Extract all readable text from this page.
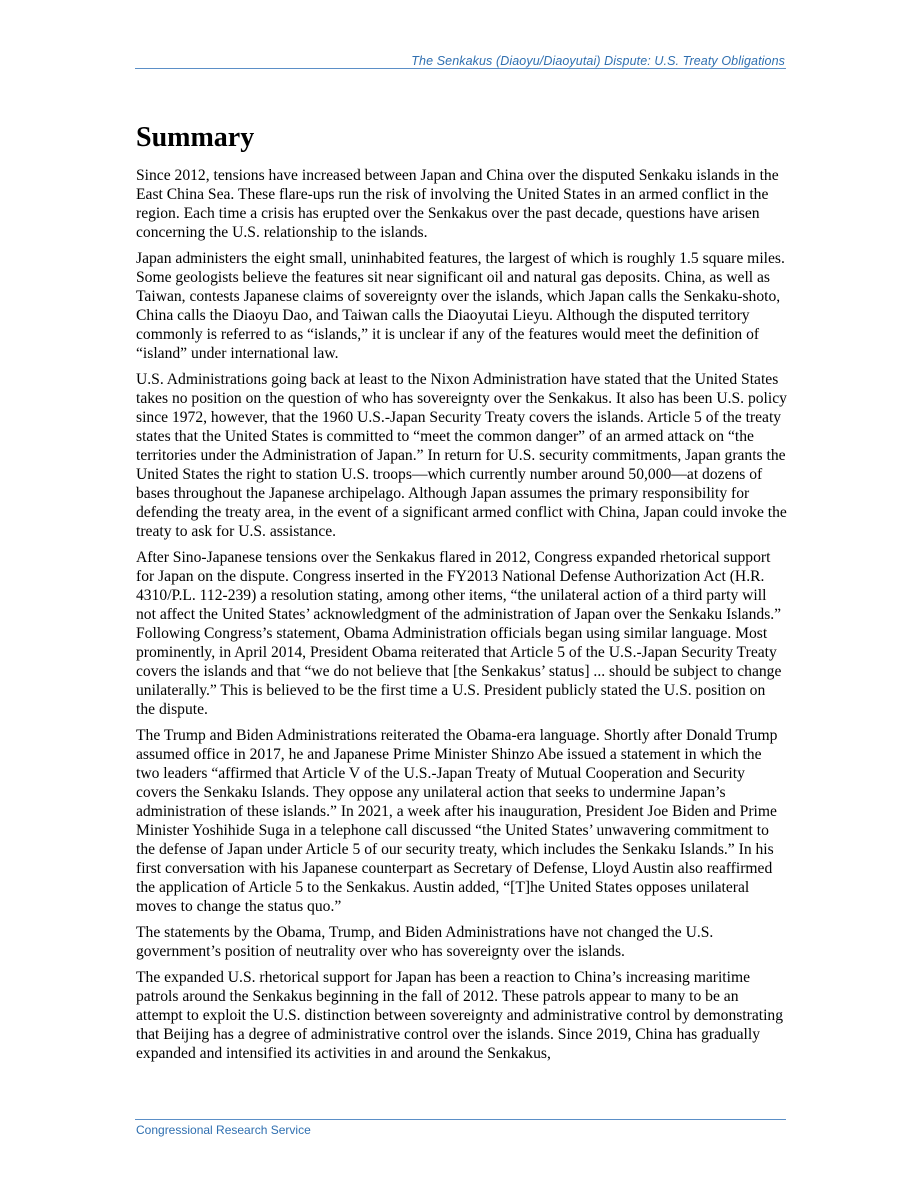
The Senkakus (Diaoyu/Diaoyutai) Dispute: U.S. Treaty Obligations
Summary

Since 2012, tensions have increased between Japan and China over the disputed Senkaku islands in the East China Sea. These flare-ups run the risk of involving the United States in an armed conflict in the region. Each time a crisis has erupted over the Senkakus over the past decade, questions have arisen concerning the U.S. relationship to the islands.

Japan administers the eight small, uninhabited features, the largest of which is roughly 1.5 square miles. Some geologists believe the features sit near significant oil and natural gas deposits. China, as well as Taiwan, contests Japanese claims of sovereignty over the islands, which Japan calls the Senkaku-shoto, China calls the Diaoyu Dao, and Taiwan calls the Diaoyutai Lieyu. Although the disputed territory commonly is referred to as “islands,” it is unclear if any of the features would meet the definition of “island” under international law.

U.S. Administrations going back at least to the Nixon Administration have stated that the United States takes no position on the question of who has sovereignty over the Senkakus. It also has been U.S. policy since 1972, however, that the 1960 U.S.-Japan Security Treaty covers the islands. Article 5 of the treaty states that the United States is committed to “meet the common danger” of an armed attack on “the territories under the Administration of Japan.” In return for U.S. security commitments, Japan grants the United States the right to station U.S. troops—which currently number around 50,000—at dozens of bases throughout the Japanese archipelago. Although Japan assumes the primary responsibility for defending the treaty area, in the event of a significant armed conflict with China, Japan could invoke the treaty to ask for U.S. assistance.

After Sino-Japanese tensions over the Senkakus flared in 2012, Congress expanded rhetorical support for Japan on the dispute. Congress inserted in the FY2013 National Defense Authorization Act (H.R. 4310/P.L. 112-239) a resolution stating, among other items, “the unilateral action of a third party will not affect the United States’ acknowledgment of the administration of Japan over the Senkaku Islands.” Following Congress’s statement, Obama Administration officials began using similar language. Most prominently, in April 2014, President Obama reiterated that Article 5 of the U.S.-Japan Security Treaty covers the islands and that “we do not believe that [the Senkakus’ status] ... should be subject to change unilaterally.” This is believed to be the first time a U.S. President publicly stated the U.S. position on the dispute.

The Trump and Biden Administrations reiterated the Obama-era language. Shortly after Donald Trump assumed office in 2017, he and Japanese Prime Minister Shinzo Abe issued a statement in which the two leaders “affirmed that Article V of the U.S.-Japan Treaty of Mutual Cooperation and Security covers the Senkaku Islands. They oppose any unilateral action that seeks to undermine Japan’s administration of these islands.” In 2021, a week after his inauguration, President Joe Biden and Prime Minister Yoshihide Suga in a telephone call discussed “the United States’ unwavering commitment to the defense of Japan under Article 5 of our security treaty, which includes the Senkaku Islands.” In his first conversation with his Japanese counterpart as Secretary of Defense, Lloyd Austin also reaffirmed the application of Article 5 to the Senkakus. Austin added, “[T]he United States opposes unilateral moves to change the status quo.”

The statements by the Obama, Trump, and Biden Administrations have not changed the U.S. government’s position of neutrality over who has sovereignty over the islands.

The expanded U.S. rhetorical support for Japan has been a reaction to China’s increasing maritime patrols around the Senkakus beginning in the fall of 2012. These patrols appear to many to be an attempt to exploit the U.S. distinction between sovereignty and administrative control by demonstrating that Beijing has a degree of administrative control over the islands. Since 2019, China has gradually expanded and intensified its activities in and around the Senkakus,

Congressional Research Service
